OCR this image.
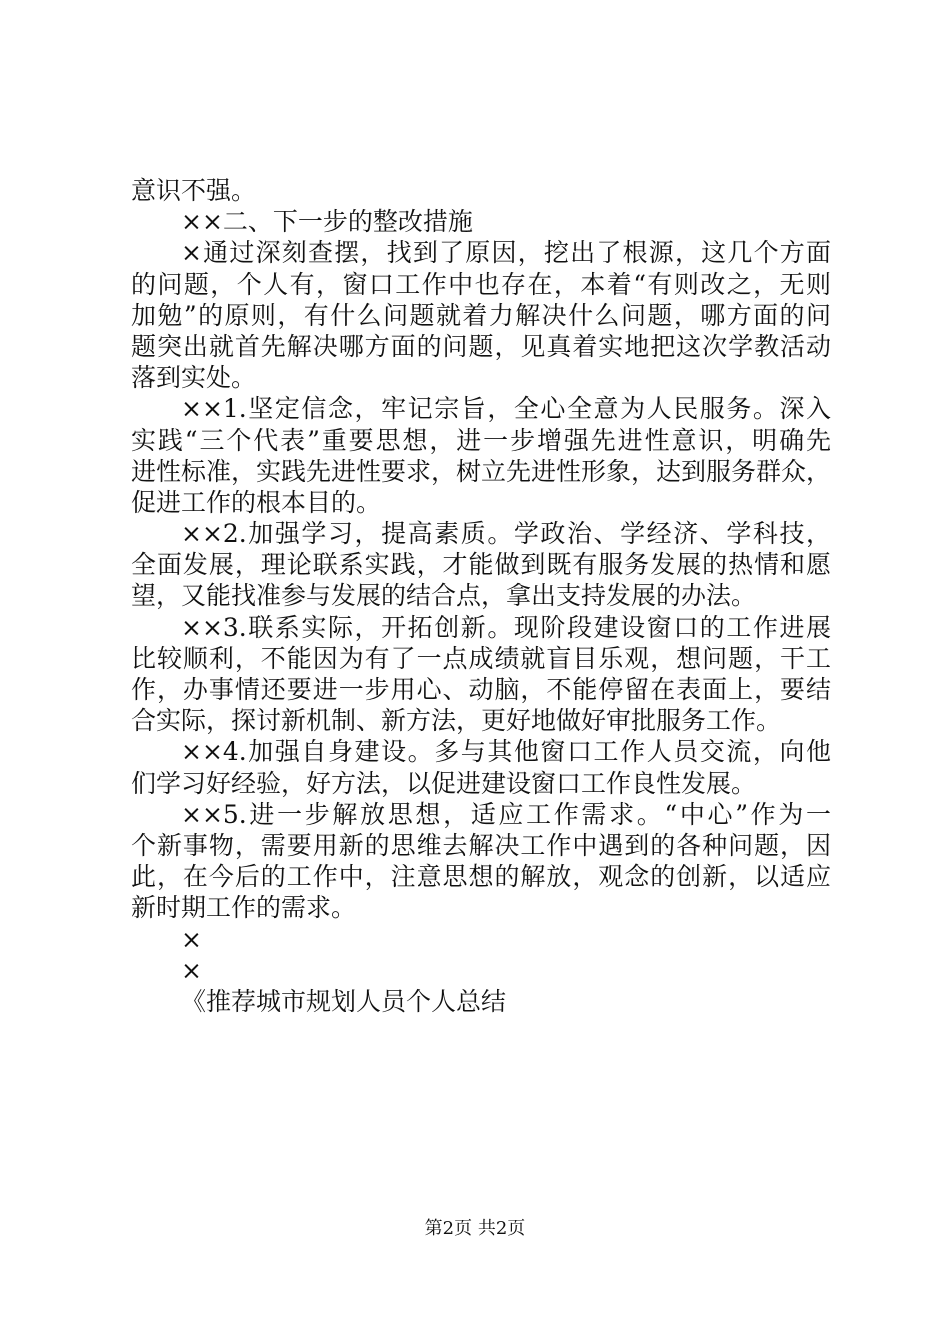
意识不强。
××二、下一步的整改措施
×通过深刻查摆，找到了原因，挖出了根源，这几个方面
的问题，个人有，窗口工作中也存在，本着“有则改之，无则
加勉”的原则，有什么问题就着力解决什么问题，哪方面的问
题突出就首先解决哪方面的问题，见真着实地把这次学教活动
落到实处。
××1.坚定信念，牢记宗旨，全心全意为人民服务。深入
实践“三个代表”重要思想，进一步增强先进性意识，明确先
进性标准，实践先进性要求，树立先进性形象，达到服务群众，
促进工作的根本目的。
××2.加强学习，提高素质。学政治、学经济、学科技，
全面发展，理论联系实践，才能做到既有服务发展的热情和愿
望，又能找准参与发展的结合点，拿出支持发展的办法。
××3.联系实际，开拓创新。现阶段建设窗口的工作进展
比较顺利，不能因为有了一点成绩就盲目乐观，想问题，干工
作，办事情还要进一步用心、动脑，不能停留在表面上，要结
合实际，探讨新机制、新方法，更好地做好审批服务工作。
××4.加强自身建设。多与其他窗口工作人员交流，向他
们学习好经验，好方法，以促进建设窗口工作良性发展。
××5.进一步解放思想，适应工作需求。“中心”作为一
个新事物，需要用新的思维去解决工作中遇到的各种问题，因
此，在今后的工作中，注意思想的解放，观念的创新，以适应
新时期工作的需求。
×
×
《推荐城市规划人员个人总结
第2页 共2页
